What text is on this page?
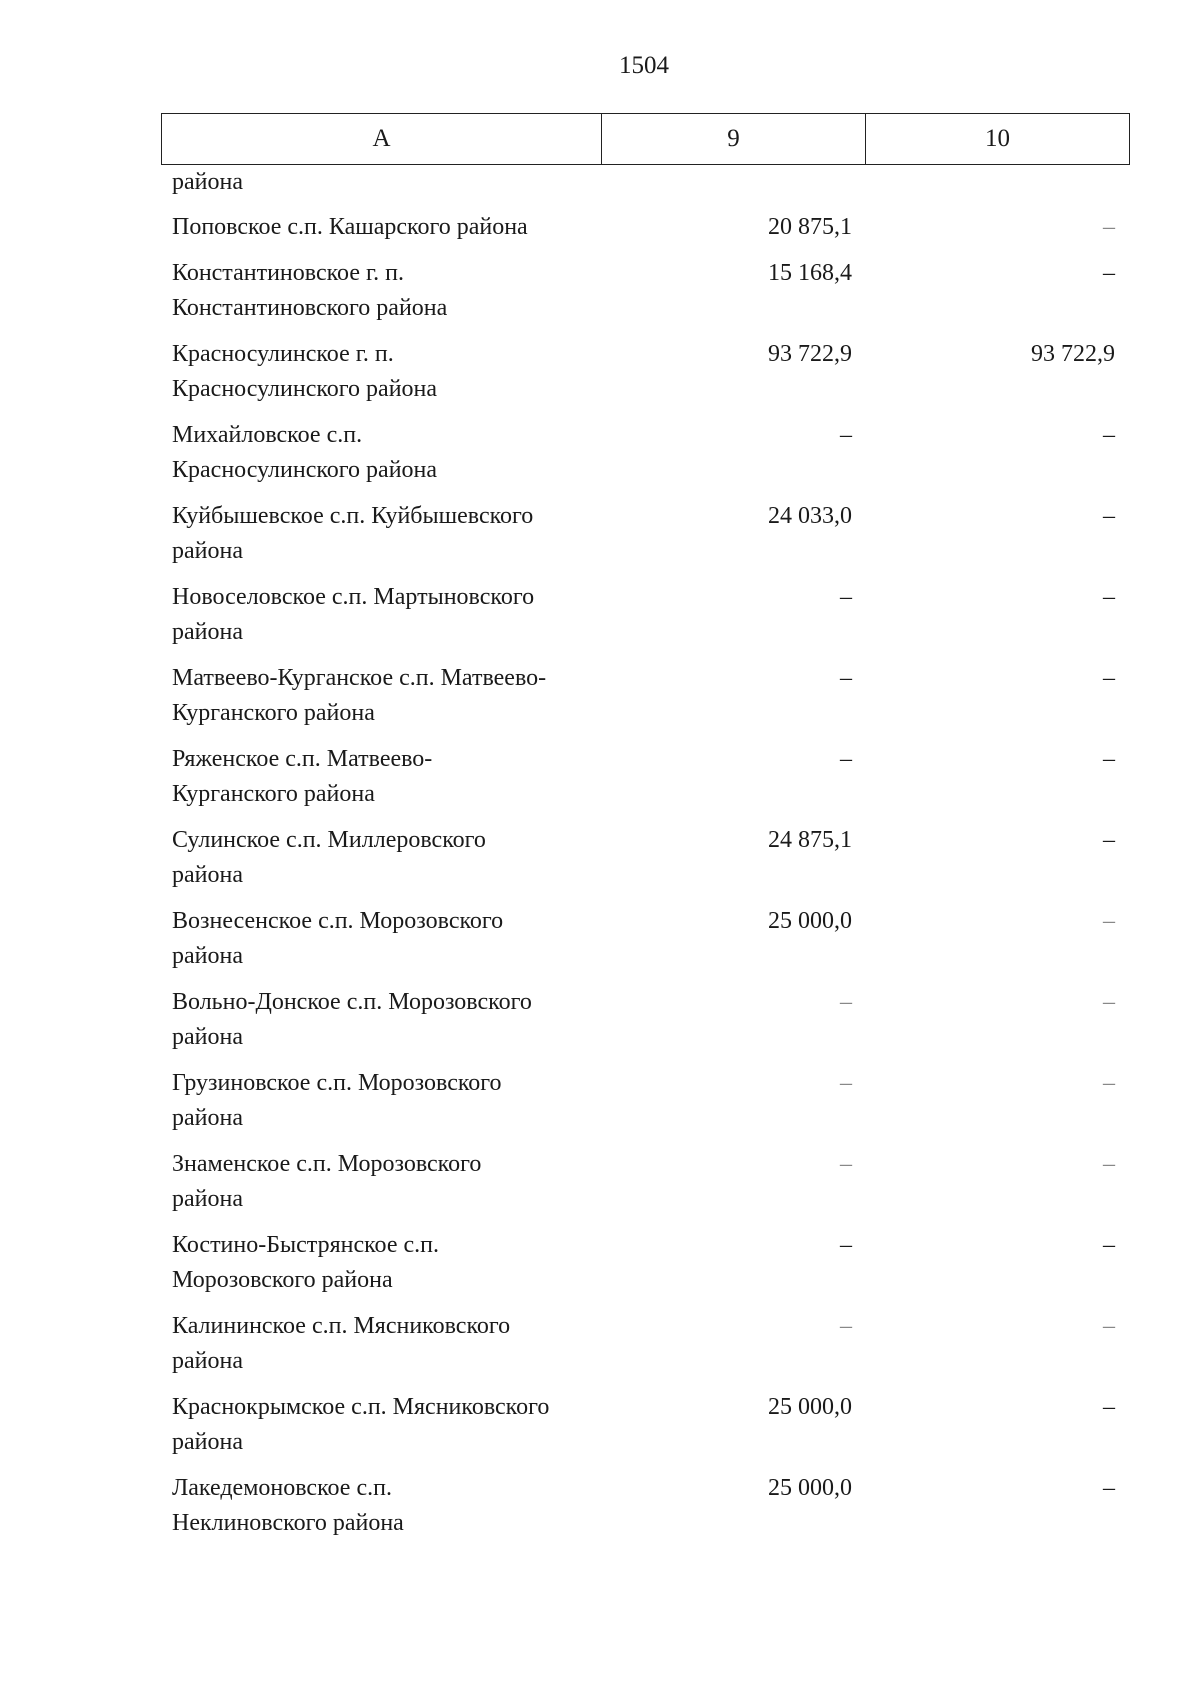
1504
А	9	10
района
Поповское с.п. Кашарского района	20 875,1	–
Константиновское г. п.
Константиновского района
15 168,4	–
Красносулинское г. п.
Красносулинского района
93 722,9	93 722,9
Михайловское с.п.
Красносулинского района
–	–
Куйбышевское с.п. Куйбышевского
района
24 033,0	–
Новоселовское с.п. Мартыновского
района
–	–
Матвеево-Курганское с.п. Матвеево-
Курганского района
–	–
Ряженское с.п. Матвеево-
Курганского района
–	–
Сулинское с.п. Миллеровского
района
24 875,1	–
Вознесенское с.п. Морозовского
района
25 000,0	–
Вольно-Донское с.п. Морозовского
района
–	–
Грузиновское с.п. Морозовского
района
–	–
Знаменское с.п. Морозовского
района
–	–
Костино-Быстрянское с.п.
Морозовского района
–	–
Калининское с.п. Мясниковского
района
–	–
Краснокрымское с.п. Мясниковского
района
25 000,0	–
Лакедемоновское с.п.
Неклиновского района
25 000,0	–
